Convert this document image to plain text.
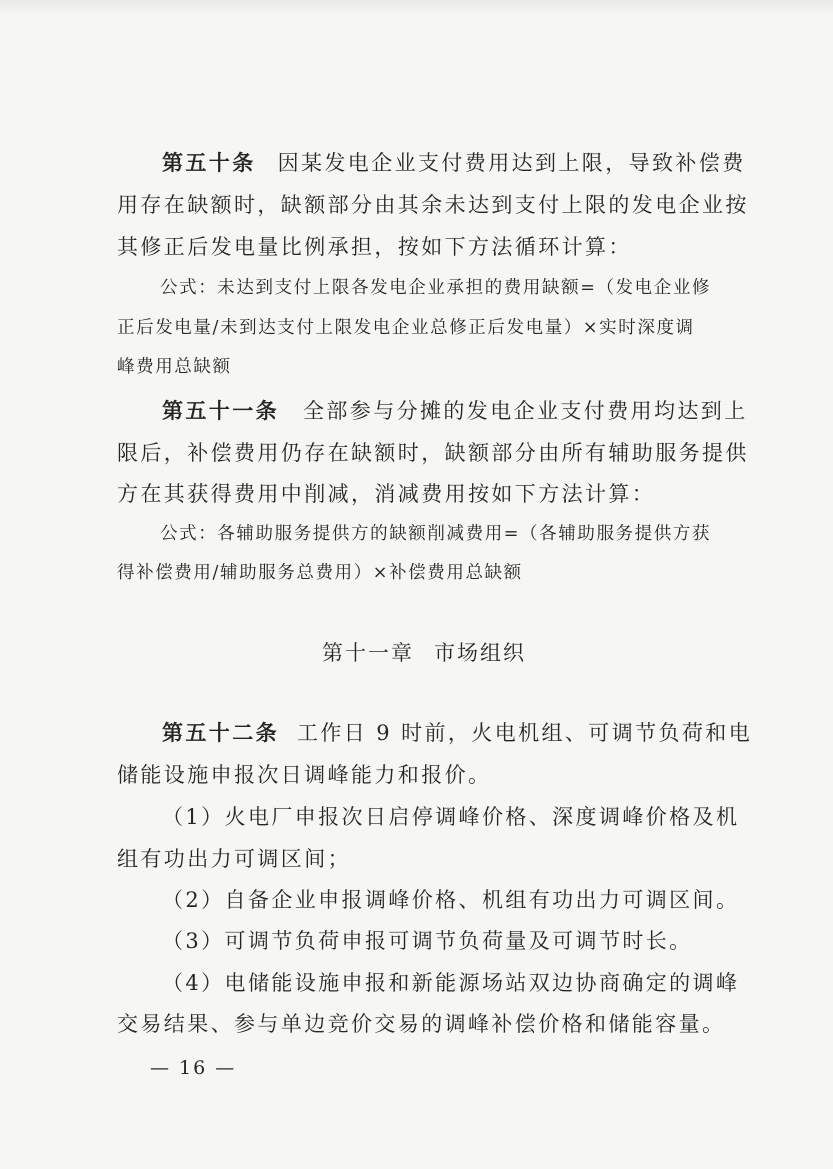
第五十条 因某发电企业支付费用达到上限，导致补偿费
用存在缺额时，缺额部分由其余未达到支付上限的发电企业按
其修正后发电量比例承担，按如下方法循环计算：
公式：未达到支付上限各发电企业承担的费用缺额=（发电企业修
正后发电量/未到达支付上限发电企业总修正后发电量）×实时深度调
峰费用总缺额
第五十一条 全部参与分摊的发电企业支付费用均达到上
限后，补偿费用仍存在缺额时，缺额部分由所有辅助服务提供
方在其获得费用中削减，消减费用按如下方法计算：
公式：各辅助服务提供方的缺额削减费用=（各辅助服务提供方获
得补偿费用/辅助服务总费用）×补偿费用总缺额
第十一章 市场组织
第五十二条 工作日 9 时前，火电机组、可调节负荷和电
储能设施申报次日调峰能力和报价。
（1）火电厂申报次日启停调峰价格、深度调峰价格及机
组有功出力可调区间；
（2）自备企业申报调峰价格、机组有功出力可调区间。
（3）可调节负荷申报可调节负荷量及可调节时长。
（4）电储能设施申报和新能源场站双边协商确定的调峰
交易结果、参与单边竞价交易的调峰补偿价格和储能容量。
— 16 —
